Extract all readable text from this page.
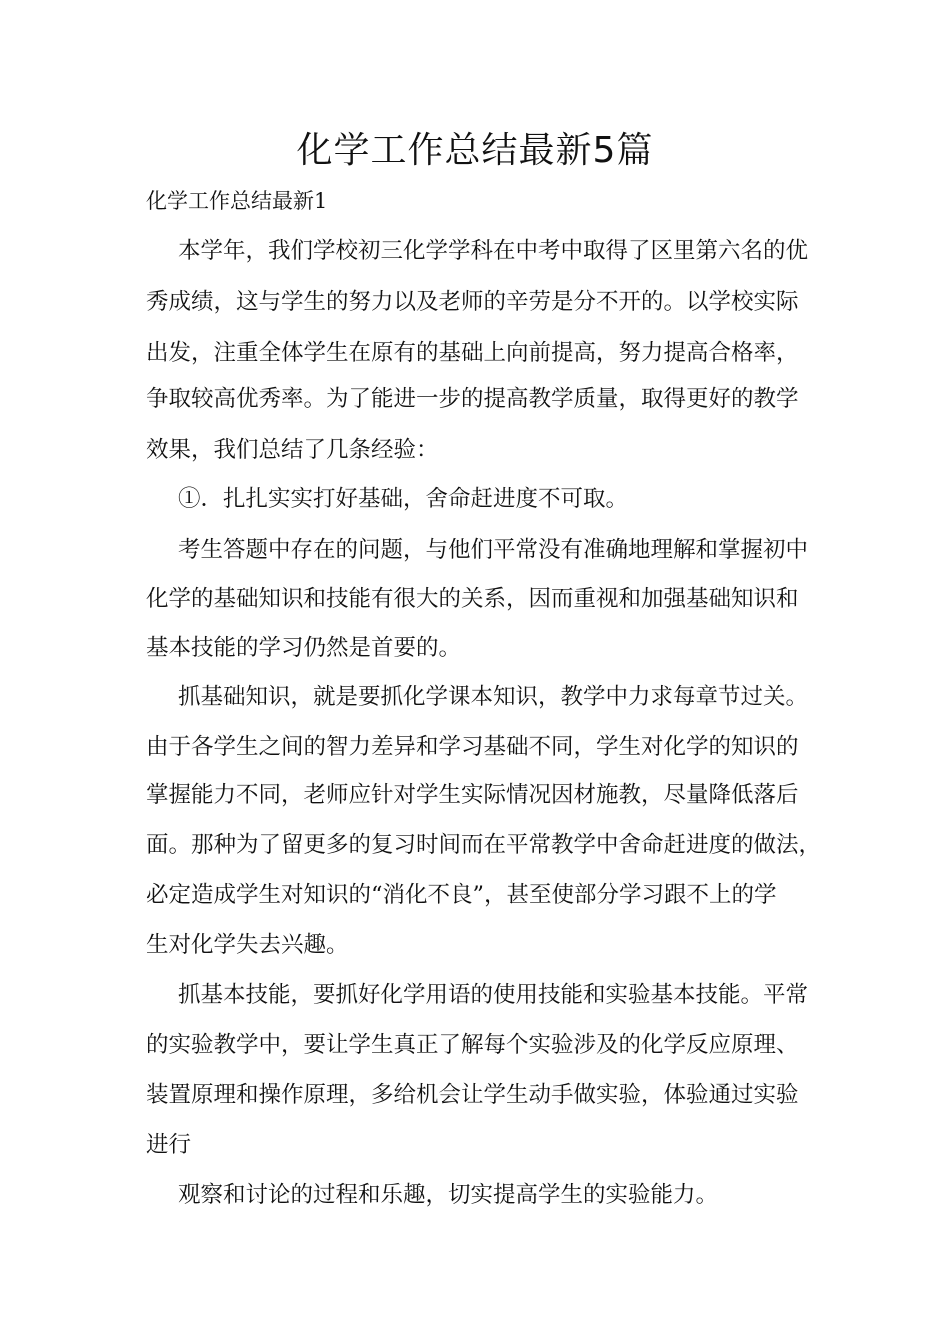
化学工作总结最新5篇

化学工作总结最新1

本学年，我们学校初三化学学科在中考中取得了区里第六名的优

秀成绩，这与学生的努力以及老师的辛劳是分不开的。以学校实际

出发，注重全体学生在原有的基础上向前提高，努力提高合格率，

争取较高优秀率。为了能进一步的提高教学质量，取得更好的教学

效果，我们总结了几条经验：

①．扎扎实实打好基础，舍命赶进度不可取。

考生答题中存在的问题，与他们平常没有准确地理解和掌握初中

化学的基础知识和技能有很大的关系，因而重视和加强基础知识和

基本技能的学习仍然是首要的。

抓基础知识，就是要抓化学课本知识，教学中力求每章节过关。

由于各学生之间的智力差异和学习基础不同，学生对化学的知识的

掌握能力不同，老师应针对学生实际情况因材施教，尽量降低落后

面。那种为了留更多的复习时间而在平常教学中舍命赶进度的做法，

必定造成学生对知识的“消化不良”，甚至使部分学习跟不上的学

生对化学失去兴趣。

抓基本技能，要抓好化学用语的使用技能和实验基本技能。平常

的实验教学中，要让学生真正了解每个实验涉及的化学反应原理、

装置原理和操作原理，多给机会让学生动手做实验，体验通过实验

进行

观察和讨论的过程和乐趣，切实提高学生的实验能力。
